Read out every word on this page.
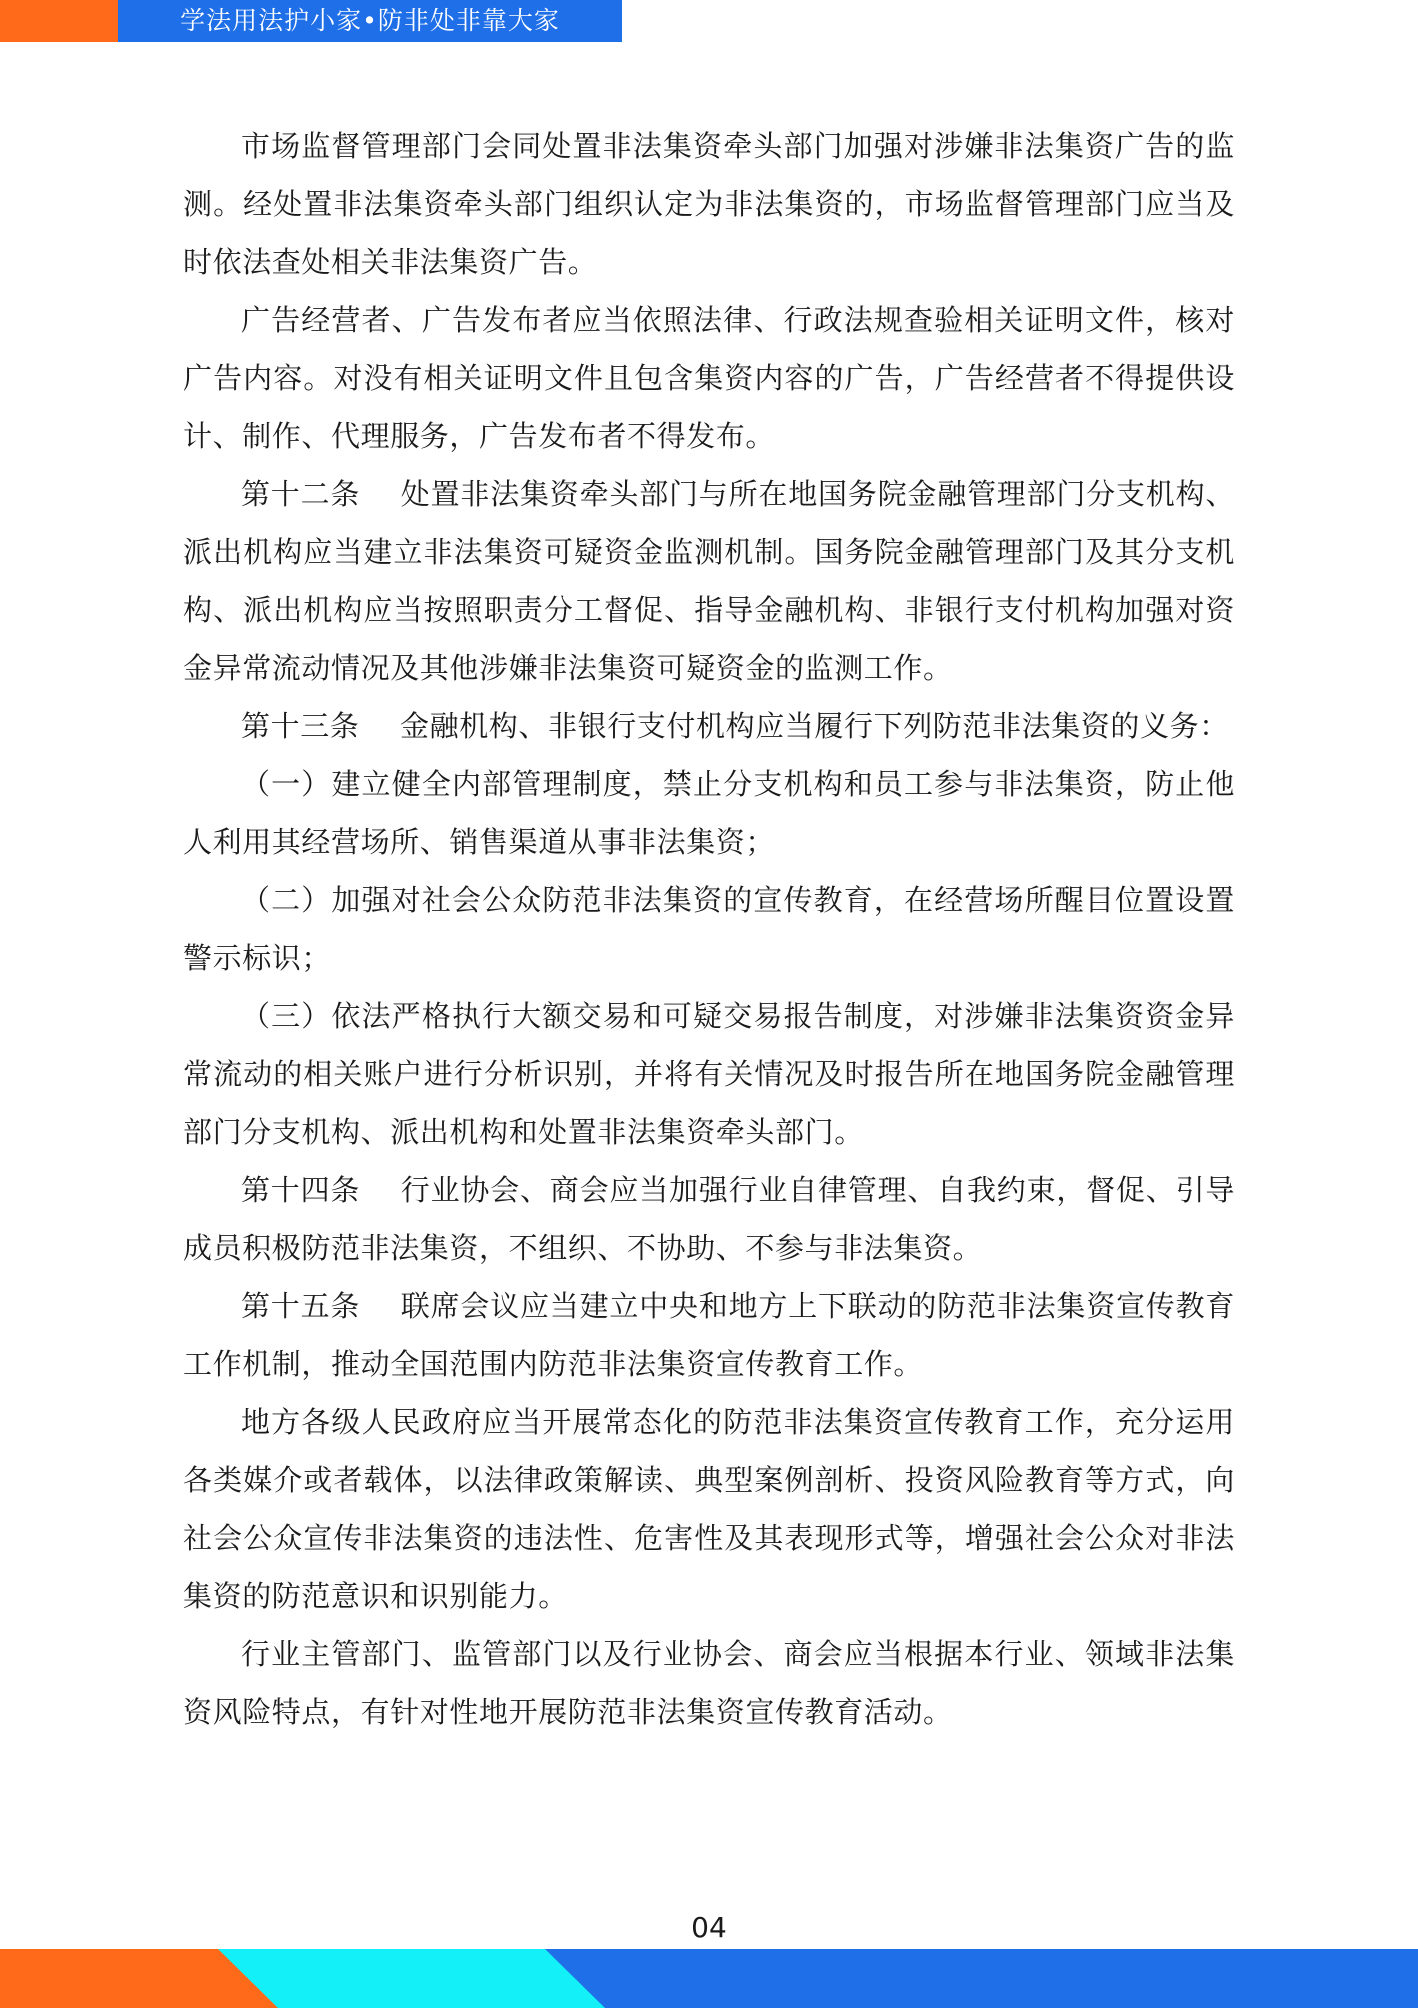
学法用法护小家•防非处非靠大家

市场监督管理部门会同处置非法集资牵头部门加强对涉嫌非法集资广告的监测。经处置非法集资牵头部门组织认定为非法集资的，市场监督管理部门应当及时依法查处相关非法集资广告。

广告经营者、广告发布者应当依照法律、行政法规查验相关证明文件，核对广告内容。对没有相关证明文件且包含集资内容的广告，广告经营者不得提供设计、制作、代理服务，广告发布者不得发布。

第十二条 处置非法集资牵头部门与所在地国务院金融管理部门分支机构、派出机构应当建立非法集资可疑资金监测机制。国务院金融管理部门及其分支机构、派出机构应当按照职责分工督促、指导金融机构、非银行支付机构加强对资金异常流动情况及其他涉嫌非法集资可疑资金的监测工作。

第十三条 金融机构、非银行支付机构应当履行下列防范非法集资的义务：

（一）建立健全内部管理制度，禁止分支机构和员工参与非法集资，防止他人利用其经营场所、销售渠道从事非法集资；

（二）加强对社会公众防范非法集资的宣传教育，在经营场所醒目位置设置警示标识；

（三）依法严格执行大额交易和可疑交易报告制度，对涉嫌非法集资资金异常流动的相关账户进行分析识别，并将有关情况及时报告所在地国务院金融管理部门分支机构、派出机构和处置非法集资牵头部门。

第十四条 行业协会、商会应当加强行业自律管理、自我约束，督促、引导成员积极防范非法集资，不组织、不协助、不参与非法集资。

第十五条 联席会议应当建立中央和地方上下联动的防范非法集资宣传教育工作机制，推动全国范围内防范非法集资宣传教育工作。

地方各级人民政府应当开展常态化的防范非法集资宣传教育工作，充分运用各类媒介或者载体，以法律政策解读、典型案例剖析、投资风险教育等方式，向社会公众宣传非法集资的违法性、危害性及其表现形式等，增强社会公众对非法集资的防范意识和识别能力。

行业主管部门、监管部门以及行业协会、商会应当根据本行业、领域非法集资风险特点，有针对性地开展防范非法集资宣传教育活动。

04
